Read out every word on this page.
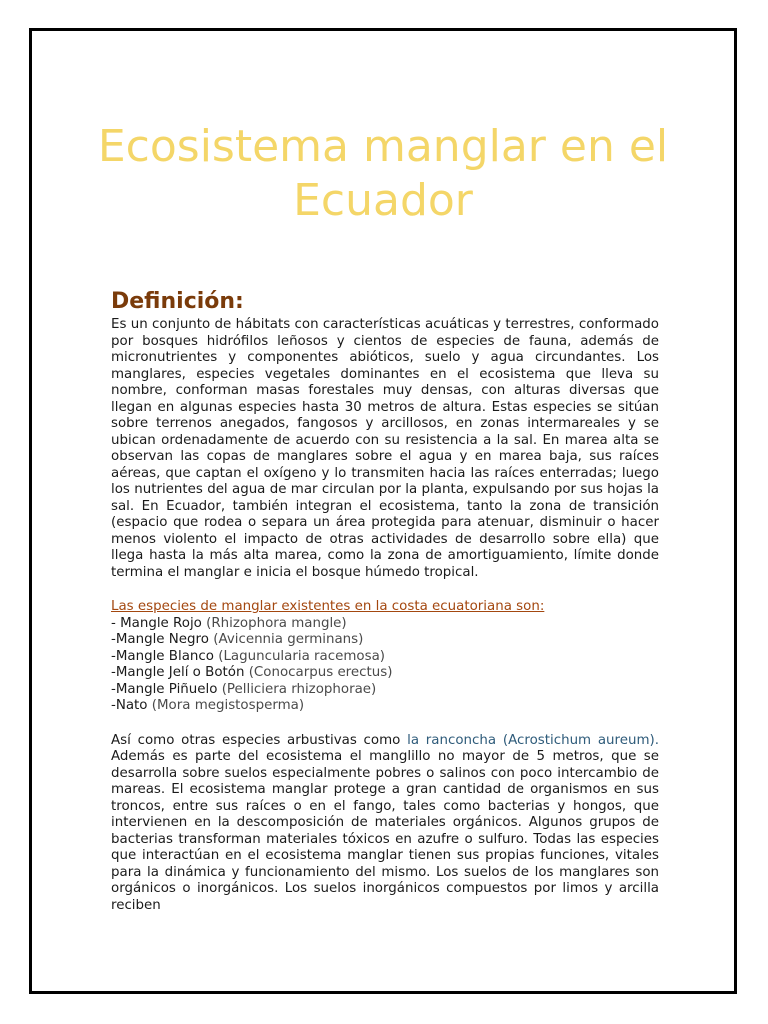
Ecosistema manglar en el Ecuador
Definición:

Es un conjunto de hábitats con características acuáticas y terrestres, conformado por bosques hidrófilos leñosos y cientos de especies de fauna, además de micronutrientes y componentes abióticos, suelo y agua circundantes. Los manglares, especies vegetales dominantes en el ecosistema que lleva su nombre, conforman masas forestales muy densas, con alturas diversas que llegan en algunas especies hasta 30 metros de altura. Estas especies se sitúan sobre terrenos anegados, fangosos y arcillosos, en zonas intermareales y se ubican ordenadamente de acuerdo con su resistencia a la sal. En marea alta se observan las copas de manglares sobre el agua y en marea baja, sus raíces aéreas, que captan el oxígeno y lo transmiten hacia las raíces enterradas; luego los nutrientes del agua de mar circulan por la planta, expulsando por sus hojas la sal. En Ecuador, también integran el ecosistema, tanto la zona de transición (espacio que rodea o separa un área protegida para atenuar, disminuir o hacer menos violento el impacto de otras actividades de desarrollo sobre ella) que llega hasta la más alta marea, como la zona de amortiguamiento, límite donde termina el manglar e inicia el bosque húmedo tropical.

Las especies de manglar existentes en la costa ecuatoriana son:
- Mangle Rojo (Rhizophora mangle)
-Mangle Negro (Avicennia germinans)
-Mangle Blanco (Laguncularia racemosa)
-Mangle Jelí o Botón (Conocarpus erectus)
-Mangle Piñuelo (Pelliciera rhizophorae)
-Nato (Mora megistosperma)

Así como otras especies arbustivas como la ranconcha (Acrostichum aureum). Además es parte del ecosistema el manglillo no mayor de 5 metros, que se desarrolla sobre suelos especialmente pobres o salinos con poco intercambio de mareas. El ecosistema manglar protege a gran cantidad de organismos en sus troncos, entre sus raíces o en el fango, tales como bacterias y hongos, que intervienen en la descomposición de materiales orgánicos. Algunos grupos de bacterias transforman materiales tóxicos en azufre o sulfuro. Todas las especies que interactúan en el ecosistema manglar tienen sus propias funciones, vitales para la dinámica y funcionamiento del mismo. Los suelos de los manglares son orgánicos o inorgánicos. Los suelos inorgánicos compuestos por limos y arcilla reciben
